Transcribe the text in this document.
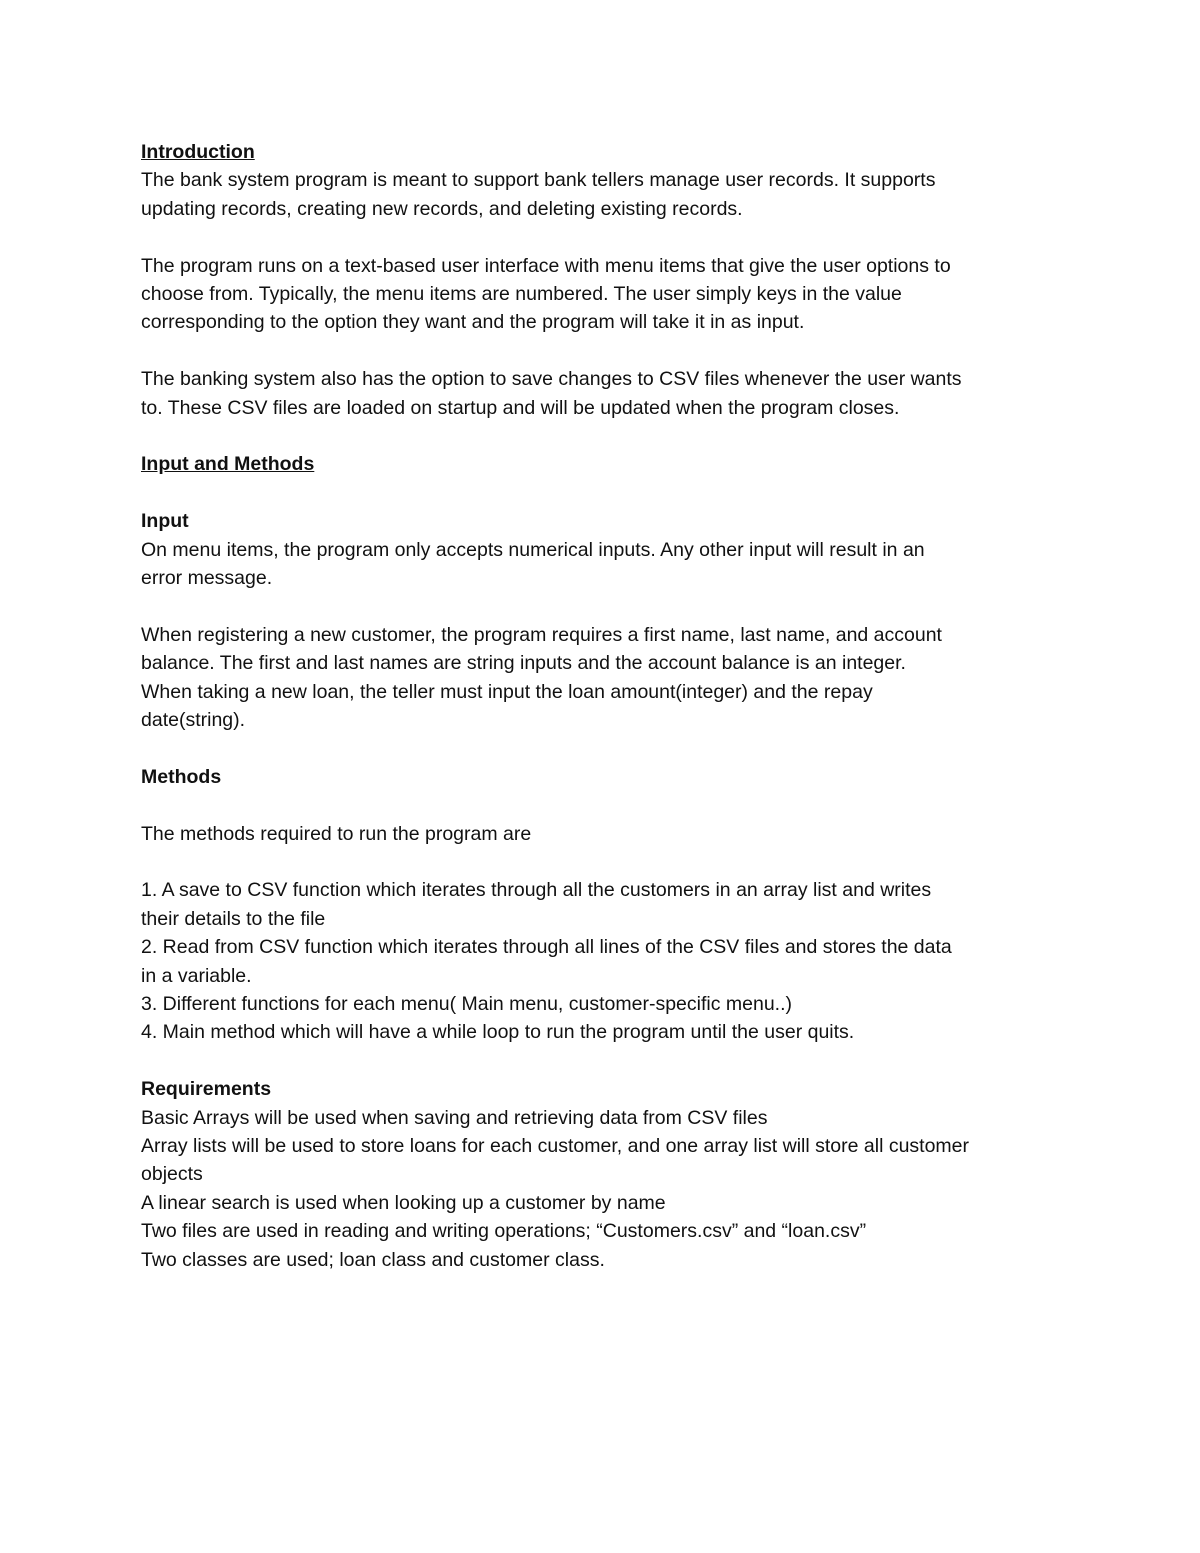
Introduction
The bank system program is meant to support bank tellers manage user records. It supports
updating records, creating new records, and deleting existing records.
The program runs on a text-based user interface with menu items that give the user options to
choose from. Typically, the menu items are numbered. The user simply keys in the value
corresponding to the option they want and the program will take it in as input.
The banking system also has the option to save changes to CSV files whenever the user wants
to. These CSV files are loaded on startup and will be updated when the program closes.
Input and Methods
Input
On menu items, the program only accepts numerical inputs. Any other input will result in an
error message.
When registering a new customer, the program requires a first name, last name, and account
balance. The first and last names are string inputs and the account balance is an integer.
When taking a new loan, the teller must input the loan amount(integer) and the repay
date(string).
Methods
The methods required to run the program are
1. A save to CSV function which iterates through all the customers in an array list and writes
their details to the file
2. Read from CSV function which iterates through all lines of the CSV files and stores the data
in a variable.
3. Different functions for each menu( Main menu, customer-specific menu..)
4. Main method which will have a while loop to run the program until the user quits.
Requirements
Basic Arrays will be used when saving and retrieving data from CSV files
Array lists will be used to store loans for each customer, and one array list will store all customer
objects
A linear search is used when looking up a customer by name
Two files are used in reading and writing operations; “Customers.csv” and “loan.csv”
Two classes are used; loan class and customer class.
